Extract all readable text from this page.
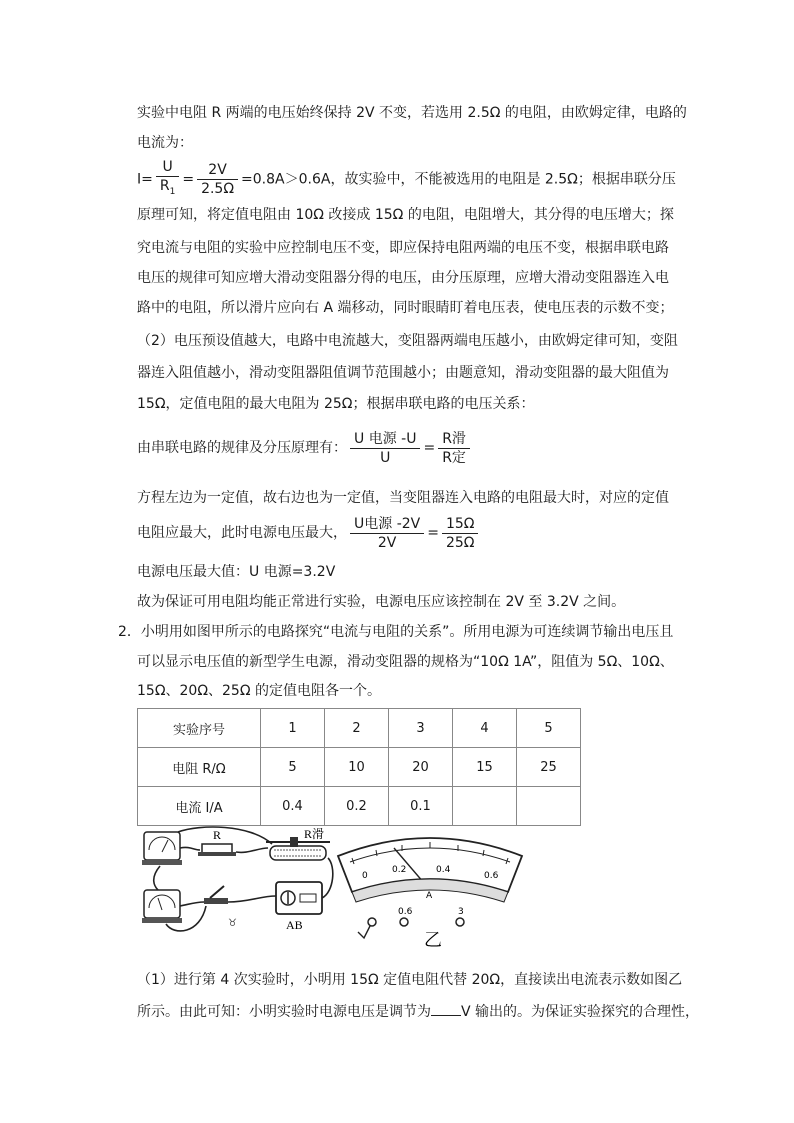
实验中电阻 R 两端的电压始终保持 2V 不变，若选用 2.5Ω 的电阻，由欧姆定律，电路的
电流为：
$I= \frac{U}{R_1} = \frac{2V}{2.5\Omega} =0.8A>0.6A$，故实验中，不能被选用的电阻是 2.5Ω；根据串联分压
原理可知，将定值电阻由 10Ω 改接成 15Ω 的电阻，电阻增大，其分得的电压增大；探
究电流与电阻的实验中应控制电压不变，即应保持电阻两端的电压不变，根据串联电路
电压的规律可知应增大滑动变阻器分得的电压，由分压原理，应增大滑动变阻器连入电
路中的电阻，所以滑片应向右 A 端移动，同时眼睛盯着电压表，使电压表的示数不变；
（2）电压预设值越大，电路中电流越大，变阻器两端电压越小，由欧姆定律可知，变阻
器连入阻值越小，滑动变阻器阻值调节范围越小；由题意知，滑动变阻器的最大阻值为
15Ω，定值电阻的最大电阻为 25Ω；根据串联电路的电压关系：
由串联电路的规律及分压原理有： $\frac{\text{U 电源 -U}}{U} = \frac{\text{R滑}}{\text{R定}}$
方程左边为一定值，故右边也为一定值，当变阻器连入电路的电阻最大时，对应的定值
电阻应最大，此时电源电压最大， $\frac{\text{U电源 -2V}}{2V} = \frac{15\Omega}{25\Omega}$
电源电压最大值：U 电源=3.2V
故为保证可用电阻均能正常进行实验，电源电压应该控制在 2V 至 3.2V 之间。
2．小明用如图甲所示的电路探究“电流与电阻的关系”。所用电源为可连续调节输出电压且
可以显示电压值的新型学生电源，滑动变阻器的规格为“10Ω 1A”，阻值为 5Ω、10Ω、
15Ω、20Ω、25Ω 的定值电阻各一个。
实验序号	1	2	3	4	5
电阻 R/Ω	5	10	20	15	25
电流 I/A	0.4	0.2	0.1		
R	R滑
♉	AB
0
0.2	0.4
0.6
A
0.6	3
乙
（1）进行第 4 次实验时，小明用 15Ω 定值电阻代替 20Ω，直接读出电流表示数如图乙
所示。由此可知：小明实验时电源电压是调节为 V 输出的。为保证实验探究的合理性，
